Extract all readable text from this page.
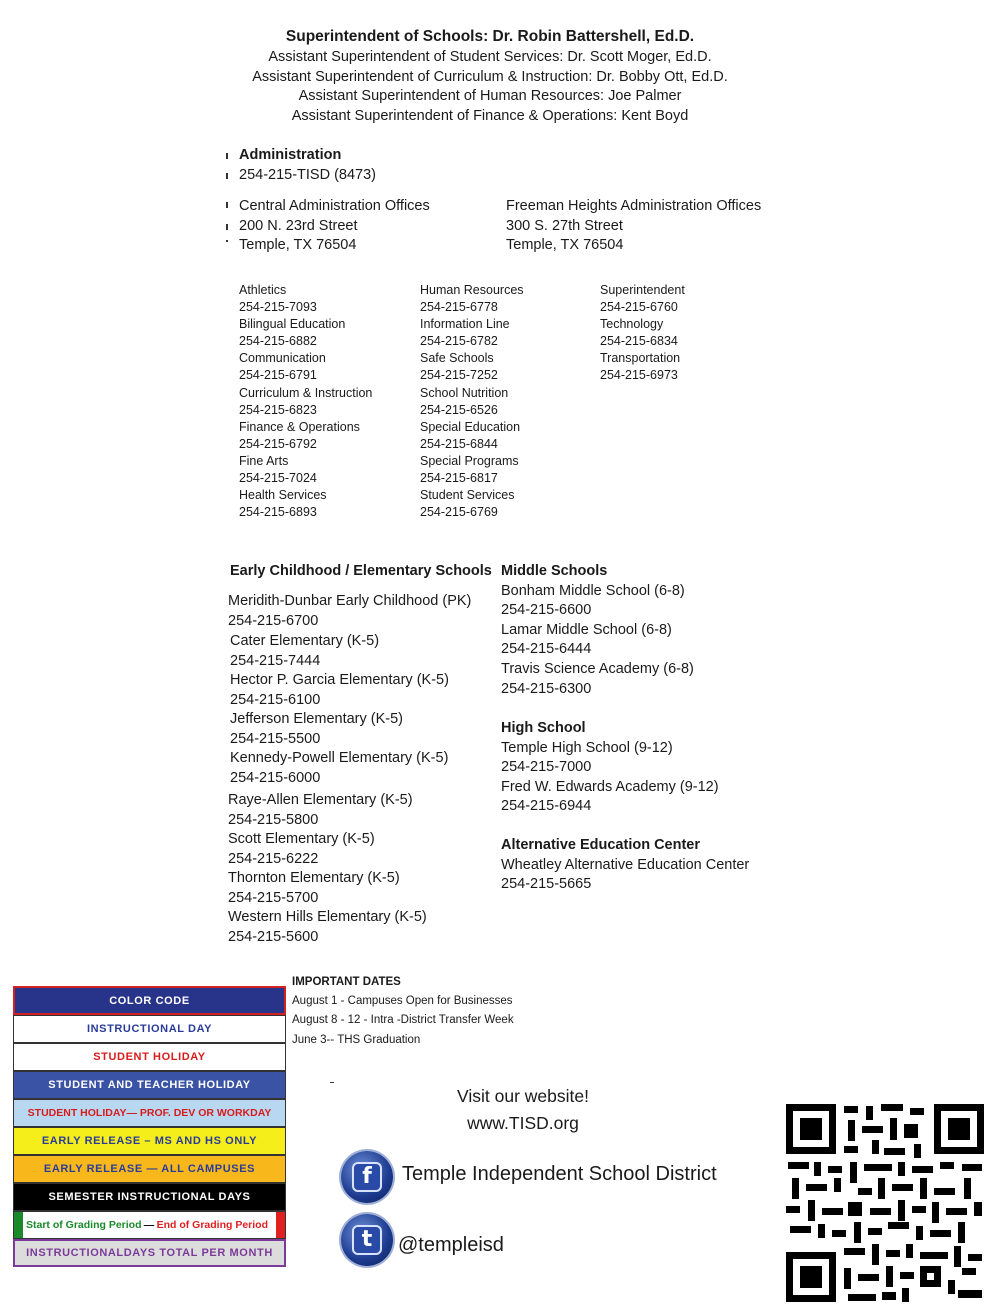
Superintendent of Schools: Dr. Robin Battershell, Ed.D.
Assistant Superintendent of Student Services: Dr. Scott Moger, Ed.D.
Assistant Superintendent of Curriculum & Instruction: Dr. Bobby Ott, Ed.D.
Assistant Superintendent of Human Resources: Joe Palmer
Assistant Superintendent of Finance & Operations: Kent Boyd
Administration
254-215-TISD (8473)
Central Administration Offices
200 N. 23rd Street
Temple, TX 76504
Freeman Heights Administration Offices
300 S. 27th Street
Temple, TX 76504
Athletics
254-215-7093
Bilingual Education
254-215-6882
Communication
254-215-6791
Curriculum & Instruction
254-215-6823
Finance & Operations
254-215-6792
Fine Arts
254-215-7024
Health Services
254-215-6893
Human Resources
254-215-6778
Information Line
254-215-6782
Safe Schools
254-215-7252
School Nutrition
254-215-6526
Special Education
254-215-6844
Special Programs
254-215-6817
Student Services
254-215-6769
Superintendent
254-215-6760
Technology
254-215-6834
Transportation
254-215-6973
Early Childhood / Elementary Schools
Meridith-Dunbar Early Childhood (PK)
254-215-6700
Cater Elementary (K-5)
254-215-7444
Hector P. Garcia Elementary (K-5)
254-215-6100
Jefferson Elementary (K-5)
254-215-5500
Kennedy-Powell Elementary (K-5)
254-215-6000
Raye-Allen Elementary (K-5)
254-215-5800
Scott Elementary (K-5)
254-215-6222
Thornton Elementary (K-5)
254-215-5700
Western Hills Elementary (K-5)
254-215-5600
Middle Schools
Bonham Middle School (6-8)
254-215-6600
Lamar Middle School (6-8)
254-215-6444
Travis Science Academy (6-8)
254-215-6300
High School
Temple High School (9-12)
254-215-7000
Fred W. Edwards Academy (9-12)
254-215-6944
Alternative Education Center
Wheatley Alternative Education Center
254-215-5665
COLOR CODE
INSTRUCTIONAL DAY
STUDENT HOLIDAY
STUDENT AND TEACHER HOLIDAY
STUDENT HOLIDAY— PROF. DEV OR WORKDAY
EARLY RELEASE – MS AND HS ONLY
EARLY RELEASE — ALL CAMPUSES
SEMESTER INSTRUCTIONAL DAYS
Start of Grading Period — End of Grading Period
INSTRUCTIONALDAYS TOTAL PER MONTH
IMPORTANT DATES
August 1 - Campuses Open for Businesses
August 8 - 12 - Intra -District Transfer Week
June 3-- THS Graduation
Visit our website!
www.TISD.org
f	Temple Independent School District
t	@templeisd
